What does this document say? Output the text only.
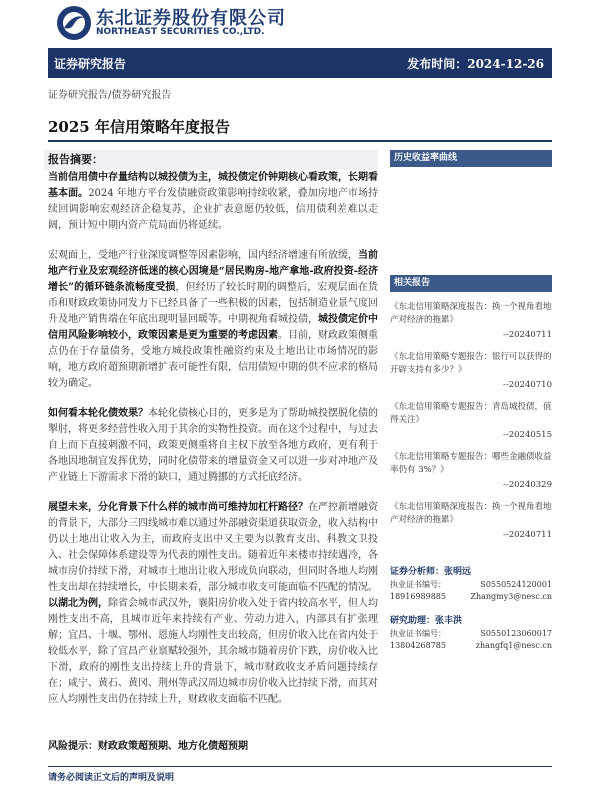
东北证券股份有限公司
NORTHEAST SECURITIES CO.,LTD.
证券研究报告	发布时间：2024-12-26
证券研究报告/债券研究报告
2025 年信用策略年度报告
报告摘要：

当前信用债中存量结构以城投债为主，城投债定价钟期核心看政策，长期看基本面。2024 年地方平台发债融资政策影响持续收紧，叠加房地产市场持续回调影响宏观经济企稳复苏，企业扩表意愿仍较低，信用债利差难以走阔，预计短中期内资产荒局面仍将延续。

宏观面上，受地产行业深度调整等因素影响，国内经济增速有所放缓，当前地产行业及宏观经济低迷的核心因境是“居民购房-地产拿地-政府投资-经济增长”的循环链条流畅度受损，但经历了较长时期的调整后，宏观层面在货币和财政政策协同发力下已经具备了一些积极的因素，包括制造业景气度回升及地产销售端在年底出现明显回暖等。中期视角看城投债，城投债定价中信用风险影响较小，政策因素是更为重要的考虑因素。目前，财政政策侧重点仍在于存量债务，受地方城投政策性融资约束及土地出让市场情况的影响，地方政府超预期新增扩表可能性有限，信用债短中期的供不应求的格局较为确定。

如何看本轮化债效果？本轮化债核心目的，更多是为了帮助城投摆脱化债的掣肘，将更多经营性收入用于其余的实物性投资。而在这个过程中，与过去自上而下直接刺激不同，政策更侧重将自主权下放至各地方政府，更有利于各地因地制宜发挥优势，同时化债带来的增量资金又可以进一步对冲地产及产业链上下游需求下滑的缺口，通过腾挪的方式托底经济。

展望未来，分化背景下什么样的城市尚可维持加杠杆路径？在严控新增融资的背景下，大部分三四线城市难以通过外部融资渠道获取资金，收入结构中仍以土地出让收入为主，而政府支出中又主要为以教育支出、科教文卫投入、社会保障体系建设等为代表的刚性支出。随着近年来楼市持续遇冷，各城市房价持续下滑，对城市土地出让收入形成负向联动，但同时各地人均刚性支出却在持续增长，中长期来看，部分城市收支可能面临不匹配的情况。以湖北为例，除省会城市武汉外，襄阳房价收入处于省内较高水平，但人均刚性支出不高，且城市近年来持续有产业、劳动力进入，内部具有扩张理解；宜昌、十堰、鄂州、恩施人均刚性支出较高，但房价收入比在省内处于较低水平，除了宜昌产业禀赋较强外，其余城市随着房价下跌，房价收入比下滑，政府的刚性支出持续上升的背景下，城市财政收支矛盾问题持续存在；咸宁、黄石、黄冈、荆州等武汉周边城市房价收入比持续下滑，而其对应人均刚性支出仍在持续上升，财政收支面临不匹配。

风险提示：财政政策超预期、地方化债超预期
历史收益率曲线
相关报告
《东北信用策略深度报告：换一个视角看地产对经济的拖累》
--20240711
《东北信用策略专题报告：银行可以获得的开辟支持有多少？》
--20240710
《东北信用策略专题报告：青岛城投债，值得关注》
--20240515
《东北信用策略专题报告：哪些金融债收益率仍有 3%？》
--20240329
《东北信用策略深度报告：换一个视角看地产对经济的拖累》
--20240711
证券分析师：张明远
执业证书编号：	S0550524120001
18916989885	Zhangmy3@nesc.cn
研究助理：张丰洪
执业证书编号：	S0550123060017
13804268785	zhangfq1@nesc.cn
请务必阅读正文后的声明及说明
